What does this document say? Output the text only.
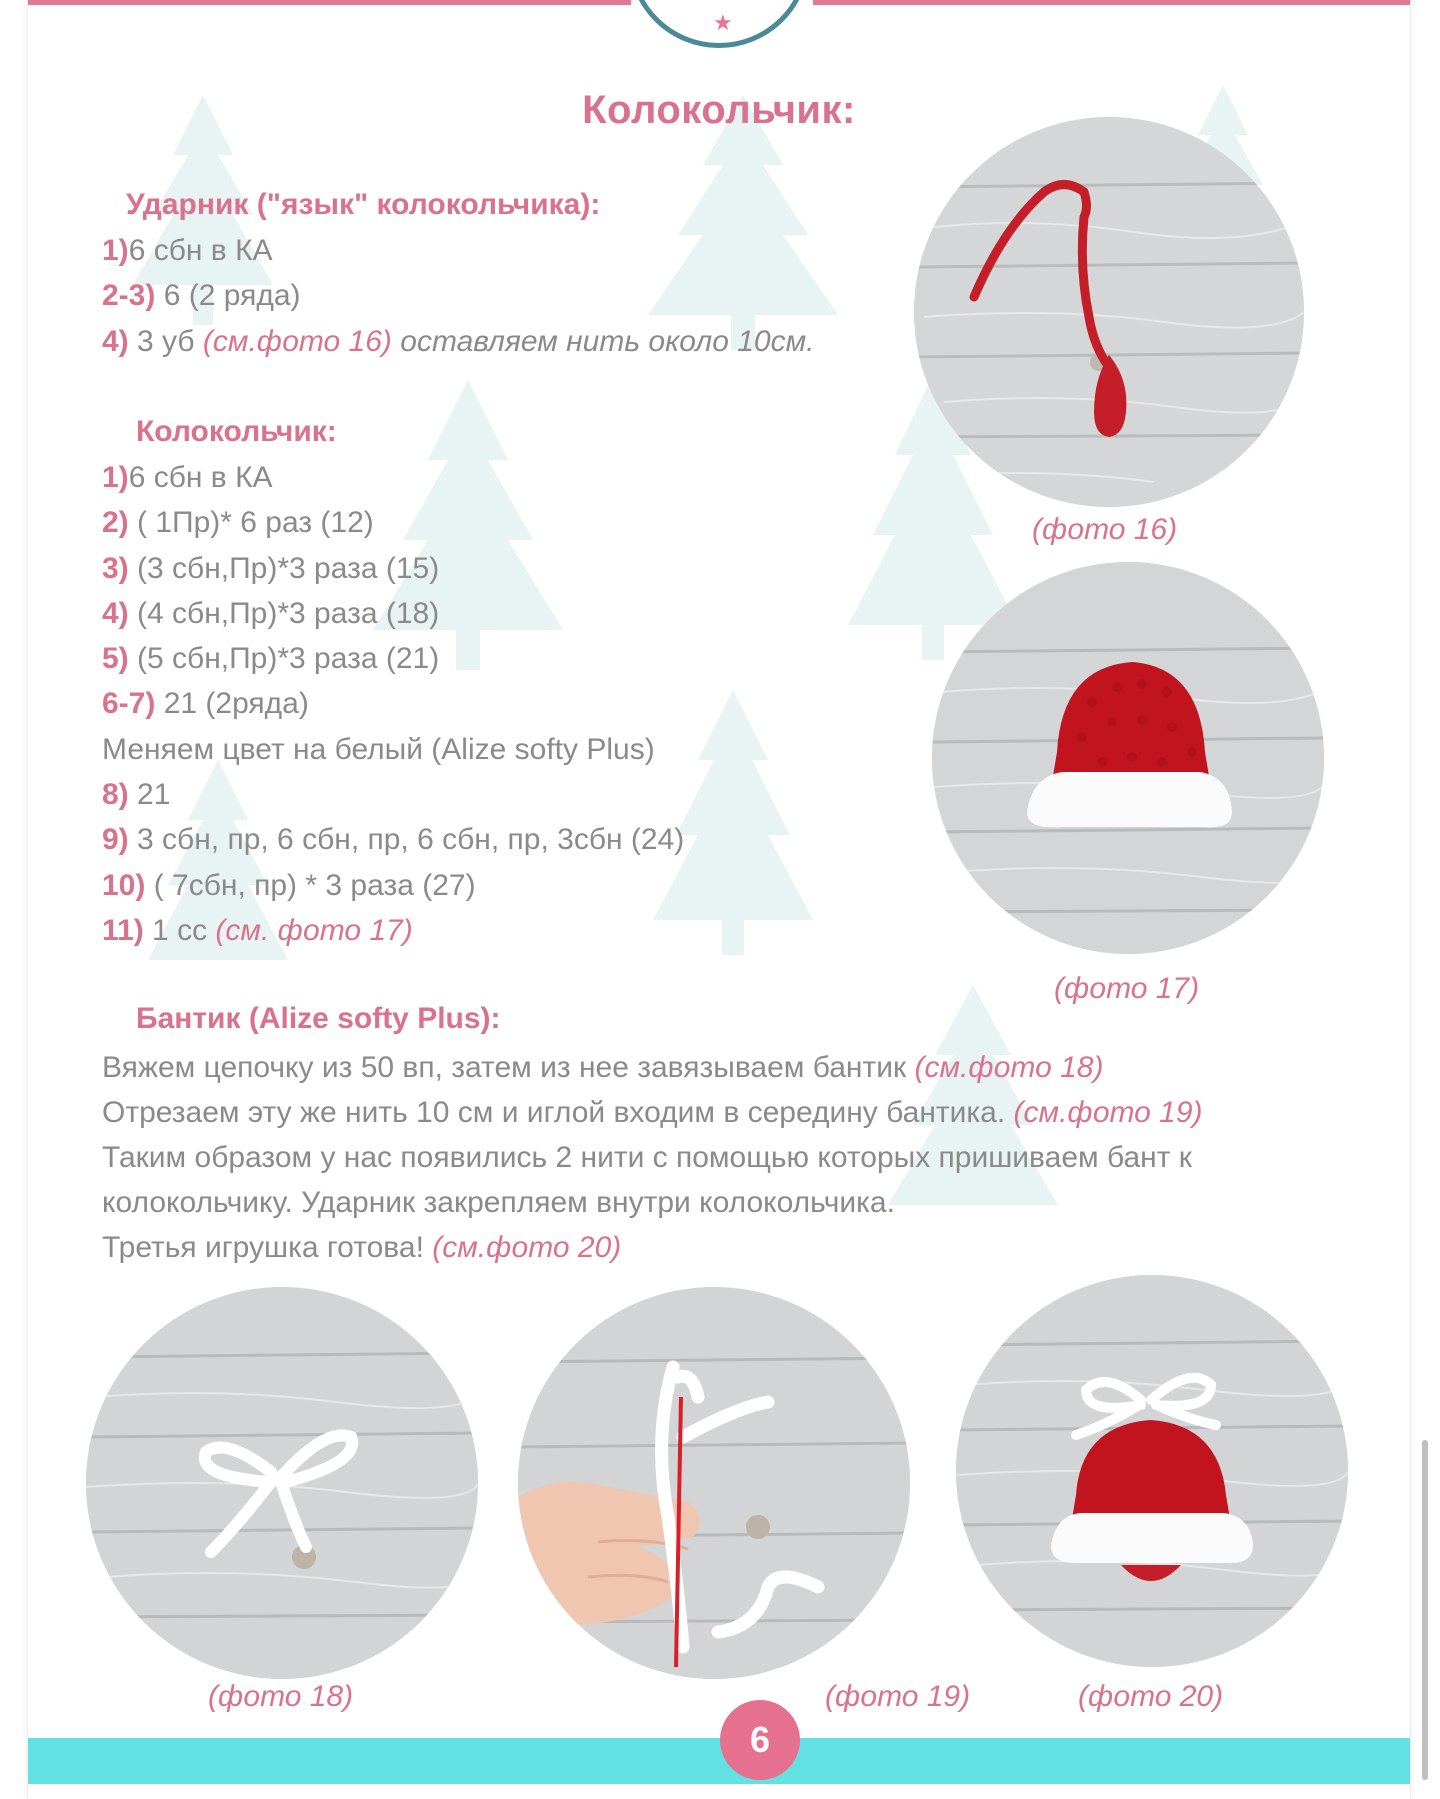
★
Колокольчик:
Ударник ("язык" колокольчика):
1)6 сбн в КА
2-3) 6 (2 ряда)
4) 3 уб (см.фото 16) оставляем нить около 10см.
Колокольчик:
1)6 сбн в КА
2) ( 1Пр)* 6 раз (12)
3) (3 сбн,Пр)*3 раза (15)
4) (4 сбн,Пр)*3 раза (18)
5) (5 сбн,Пр)*3 раза (21)
6-7) 21 (2ряда)
Меняем цвет на белый (Alize softy Plus)
8) 21
9) 3 сбн, пр, 6 сбн, пр, 6 сбн, пр, 3сбн (24)
10) ( 7сбн, пр) * 3 раза (27)
11) 1 сс (см. фото 17)
Бантик (Alize softy Plus):

Вяжем цепочку из 50 вп, затем из нее завязываем бантик (см.фото 18)

Отрезаем эту же нить 10 см и иглой входим в середину бантика. (см.фото 19)

Таким образом у нас появились 2 нити с помощью которых пришиваем бант к колокольчику. Ударник закрепляем внутри колокольчика.

Третья игрушка готова! (см.фото 20)

(фото 16)
(фото 17)
(фото 18)	(фото 19)	(фото 20)
6
